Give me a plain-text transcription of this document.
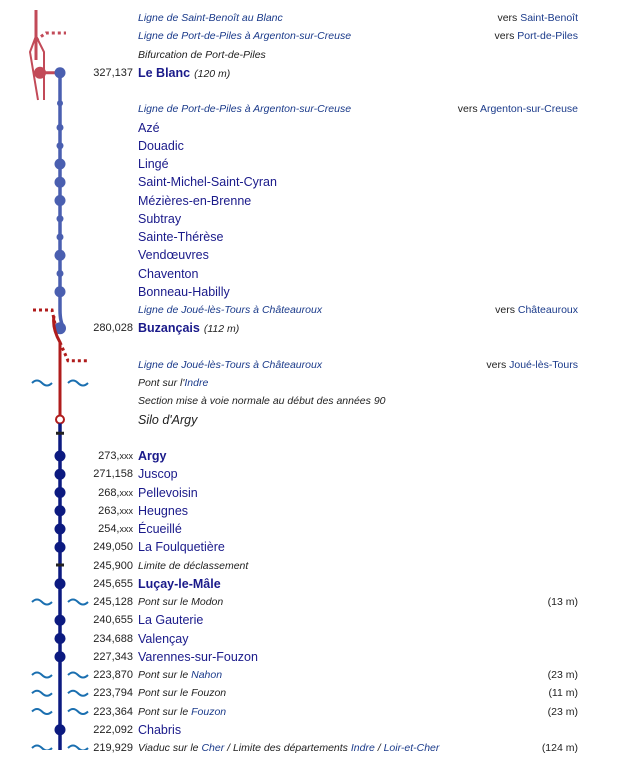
Ligne de Saint-Benoît au Blanc	vers Saint-Benoît
Ligne de Port-de-Piles à Argenton-sur-Creuse	vers Port-de-Piles
Bifurcation de Port-de-Piles
327,137 Le Blanc (120 m)
Ligne de Port-de-Piles à Argenton-sur-Creuse	vers Argenton-sur-Creuse
Azé
Douadic
Lingé
Saint-Michel-Saint-Cyran
Mézières-en-Brenne
Subtray
Sainte-Thérèse
Vendœuvres
Chaventon
Bonneau-Habilly
Ligne de Joué-lès-Tours à Châteauroux	vers Châteauroux
280,028 Buzançais (112 m)
Ligne de Joué-lès-Tours à Châteauroux	vers Joué-lès-Tours
Pont sur l'Indre
Section mise à voie normale au début des années 90
Silo d'Argy
273,xxx Argy
271,158 Juscop
268,xxx Pellevoisin
263,xxx Heugnes
254,xxx Écueillé
249,050 La Foulquetière
245,900 Limite de déclassement
245,655 Luçay-le-Mâle
245,128 Pont sur le Modon	(13 m)
240,655 La Gauterie
234,688 Valençay
227,343 Varennes-sur-Fouzon
223,870 Pont sur le Nahon	(23 m)
223,794 Pont sur le Fouzon	(11 m)
223,364 Pont sur le Fouzon	(23 m)
222,092 Chabris
219,929 Viaduc sur le Cher / Limite des départements Indre / Loir-et-Cher	(124 m)
